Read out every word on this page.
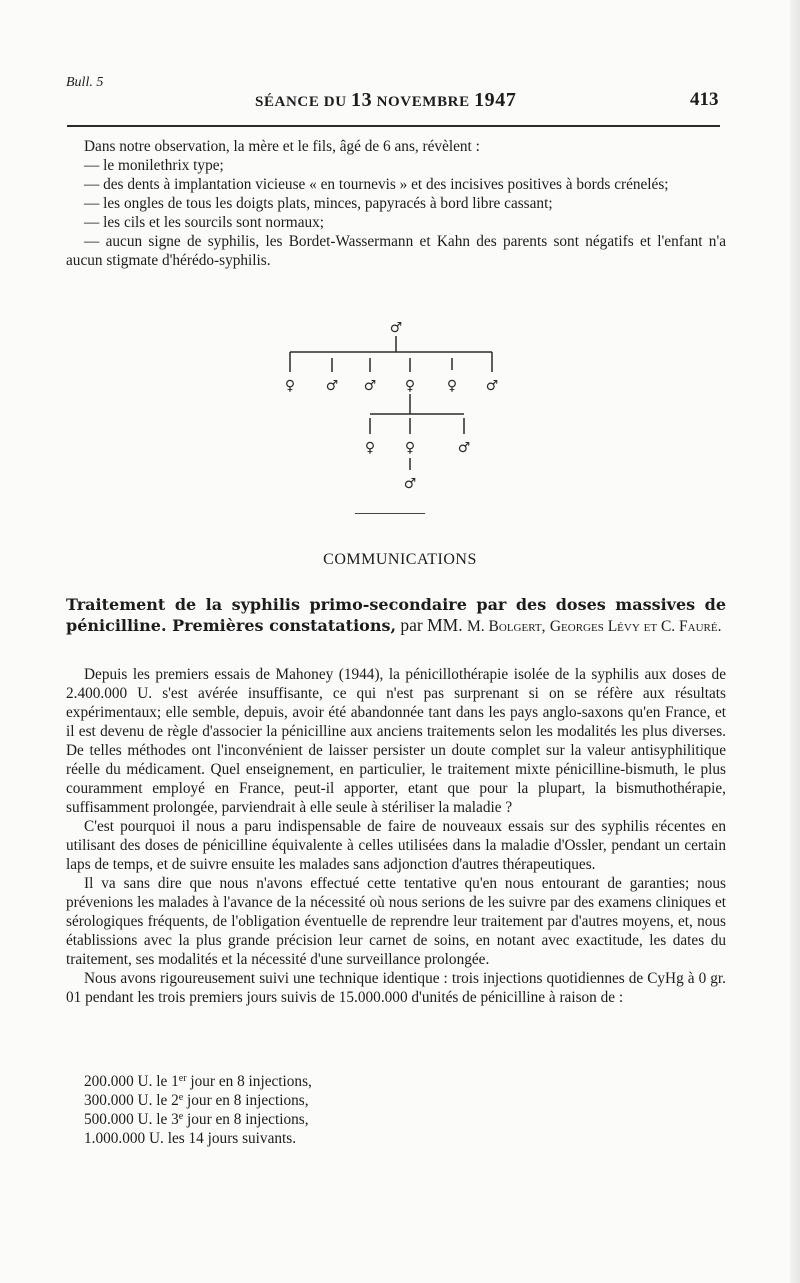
Bull. 5
SÉANCE DU 13 NOVEMBRE 1947	413

Dans notre observation, la mère et le fils, âgé de 6 ans, révèlent :

— le monilethrix type;

— des dents à implantation vicieuse « en tournevis » et des incisives positives à bords crénelés;

— les ongles de tous les doigts plats, minces, papyracés à bord libre cassant;

— les cils et les sourcils sont normaux;

— aucun signe de syphilis, les Bordet-Wassermann et Kahn des parents sont négatifs et l'enfant n'a aucun stigmate d'hérédo-syphilis.

♂
♀ ♂ ♂ ♀ ♀ ♂
♀ ♀	♂
♂
COMMUNICATIONS
Traitement de la syphilis primo-secondaire par des doses massives de pénicilline. Premières constatations, par MM. M. Bolgert, Georges Lévy et C. Fauré.

Depuis les premiers essais de Mahoney (1944), la pénicillothérapie isolée de la syphilis aux doses de 2.400.000 U. s'est avérée insuffisante, ce qui n'est pas surprenant si on se réfère aux résultats expérimentaux; elle semble, depuis, avoir été abandonnée tant dans les pays anglo-saxons qu'en France, et il est devenu de règle d'associer la pénicilline aux anciens traitements selon les modalités les plus diverses. De telles méthodes ont l'inconvénient de laisser persister un doute complet sur la valeur antisyphilitique réelle du médicament. Quel enseignement, en particulier, le traitement mixte pénicilline-bismuth, le plus couramment employé en France, peut-il apporter, etant que pour la plupart, la bismuthothérapie, suffisamment prolongée, parviendrait à elle seule à stériliser la maladie ?

C'est pourquoi il nous a paru indispensable de faire de nouveaux essais sur des syphilis récentes en utilisant des doses de pénicilline équivalente à celles utilisées dans la maladie d'Ossler, pendant un certain laps de temps, et de suivre ensuite les malades sans adjonction d'autres thérapeutiques.

Il va sans dire que nous n'avons effectué cette tentative qu'en nous entourant de garanties; nous prévenions les malades à l'avance de la nécessité où nous serions de les suivre par des examens cliniques et sérologiques fréquents, de l'obligation éventuelle de reprendre leur traitement par d'autres moyens, et, nous établissions avec la plus grande précision leur carnet de soins, en notant avec exactitude, les dates du traitement, ses modalités et la nécessité d'une surveillance prolongée.

Nous avons rigoureusement suivi une technique identique : trois injections quotidiennes de CyHg à 0 gr. 01 pendant les trois premiers jours suivis de 15.000.000 d'unités de pénicilline à raison de :

200.000 U. le 1er jour en 8 injections,
300.000 U. le 2e jour en 8 injections,
500.000 U. le 3e jour en 8 injections,
1.000.000 U. les 14 jours suivants.
